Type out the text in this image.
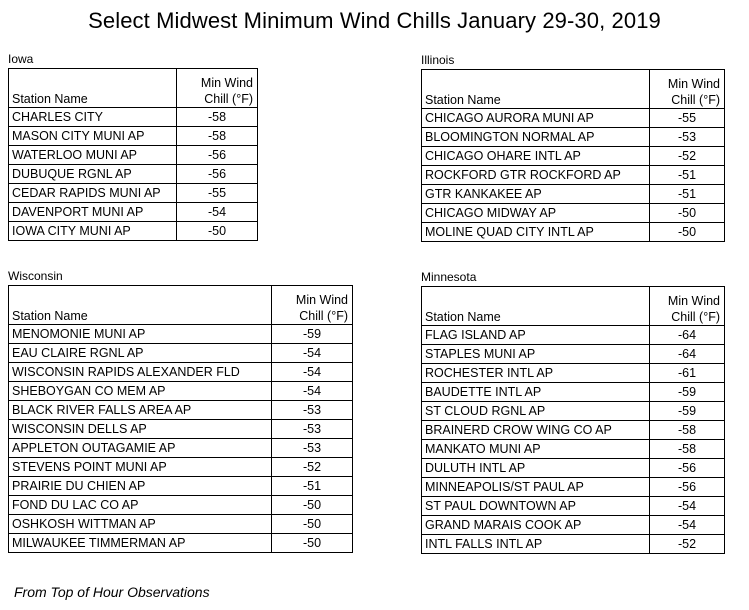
Select Midwest Minimum Wind Chills January 29-30, 2019
Iowa
Station Name	Min Wind
Chill (°F)
CHARLES CITY	-58
MASON CITY MUNI AP	-58
WATERLOO MUNI AP	-56
DUBUQUE RGNL AP	-56
CEDAR RAPIDS MUNI AP	-55
DAVENPORT MUNI AP	-54
IOWA CITY MUNI AP	-50
Illinois
Station Name	Min Wind
Chill (°F)
CHICAGO AURORA MUNI AP	-55
BLOOMINGTON NORMAL AP	-53
CHICAGO OHARE INTL AP	-52
ROCKFORD GTR ROCKFORD AP	-51
GTR KANKAKEE AP	-51
CHICAGO MIDWAY AP	-50
MOLINE QUAD CITY INTL AP	-50
Wisconsin
Station Name	Min Wind
Chill (°F)
MENOMONIE MUNI AP	-59
EAU CLAIRE RGNL AP	-54
WISCONSIN RAPIDS ALEXANDER FLD	-54
SHEBOYGAN CO MEM AP	-54
BLACK RIVER FALLS AREA AP	-53
WISCONSIN DELLS AP	-53
APPLETON OUTAGAMIE AP	-53
STEVENS POINT MUNI AP	-52
PRAIRIE DU CHIEN AP	-51
FOND DU LAC CO AP	-50
OSHKOSH WITTMAN AP	-50
MILWAUKEE TIMMERMAN AP	-50
Minnesota
Station Name	Min Wind
Chill (°F)
FLAG ISLAND AP	-64
STAPLES MUNI AP	-64
ROCHESTER INTL AP	-61
BAUDETTE INTL AP	-59
ST CLOUD RGNL AP	-59
BRAINERD CROW WING CO AP	-58
MANKATO MUNI AP	-58
DULUTH INTL AP	-56
MINNEAPOLIS/ST PAUL AP	-56
ST PAUL DOWNTOWN AP	-54
GRAND MARAIS COOK AP	-54
INTL FALLS INTL AP	-52
From Top of Hour Observations
